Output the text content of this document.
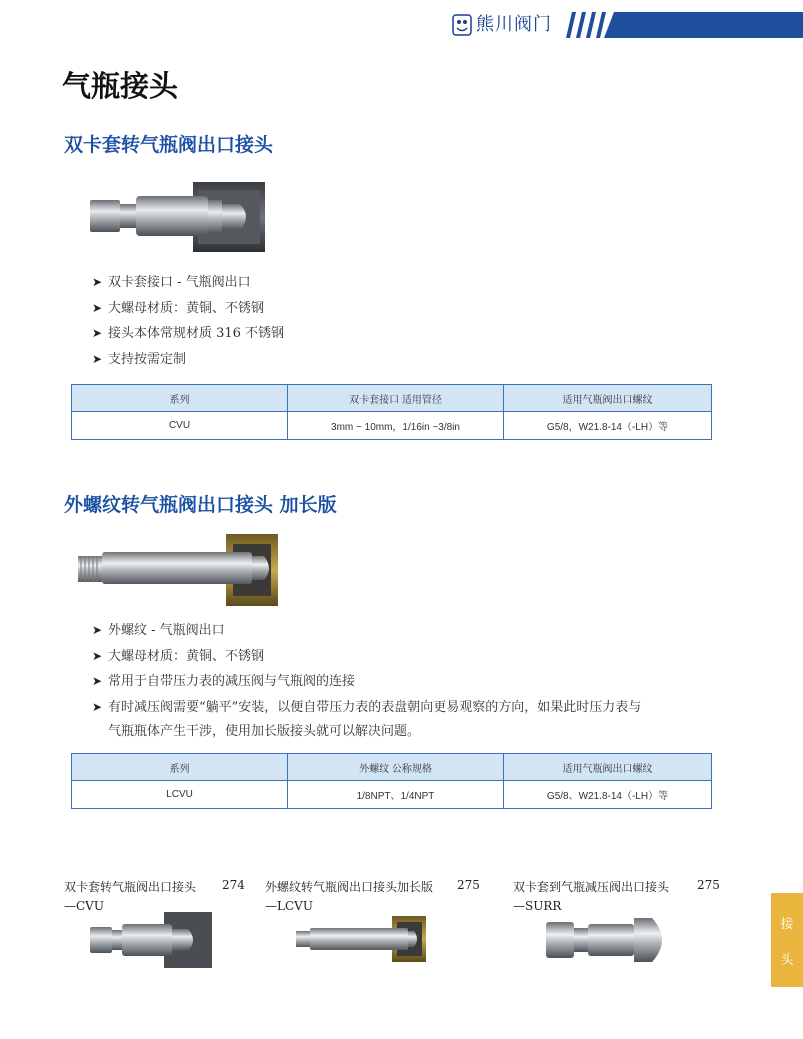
熊川阀门
气瓶接头
双卡套转气瓶阀出口接头
➤ 双卡套接口 - 气瓶阀出口
➤ 大螺母材质：黄铜、不锈钢
➤ 接头本体常规材质 316 不锈钢
➤ 支持按需定制
系列	双卡套接口 适用管径	适用气瓶阀出口螺纹
CVU	3mm ~ 10mm，1/16in ~3/8in	G5/8，W21.8-14（-LH）等
外螺纹转气瓶阀出口接头 加长版
➤ 外螺纹 - 气瓶阀出口
➤ 大螺母材质：黄铜、不锈钢
➤ 常用于自带压力表的减压阀与气瓶阀的连接
➤ 有时减压阀需要“躺平”安装，以便自带压力表的表盘朝向更易观察的方向，如果此时压力表与
气瓶瓶体产生干涉，使用加长版接头就可以解决问题。
系列	外螺纹 公称规格	适用气瓶阀出口螺纹
LCVU	1/8NPT、1/4NPT	G5/8、W21.8-14（-LH）等
双卡套转气瓶阀出口接头 274
—CVU
外螺纹转气瓶阀出口接头加长版 275
—LCVU
双卡套到气瓶减压阀出口接头 275
—SURR
接
头
